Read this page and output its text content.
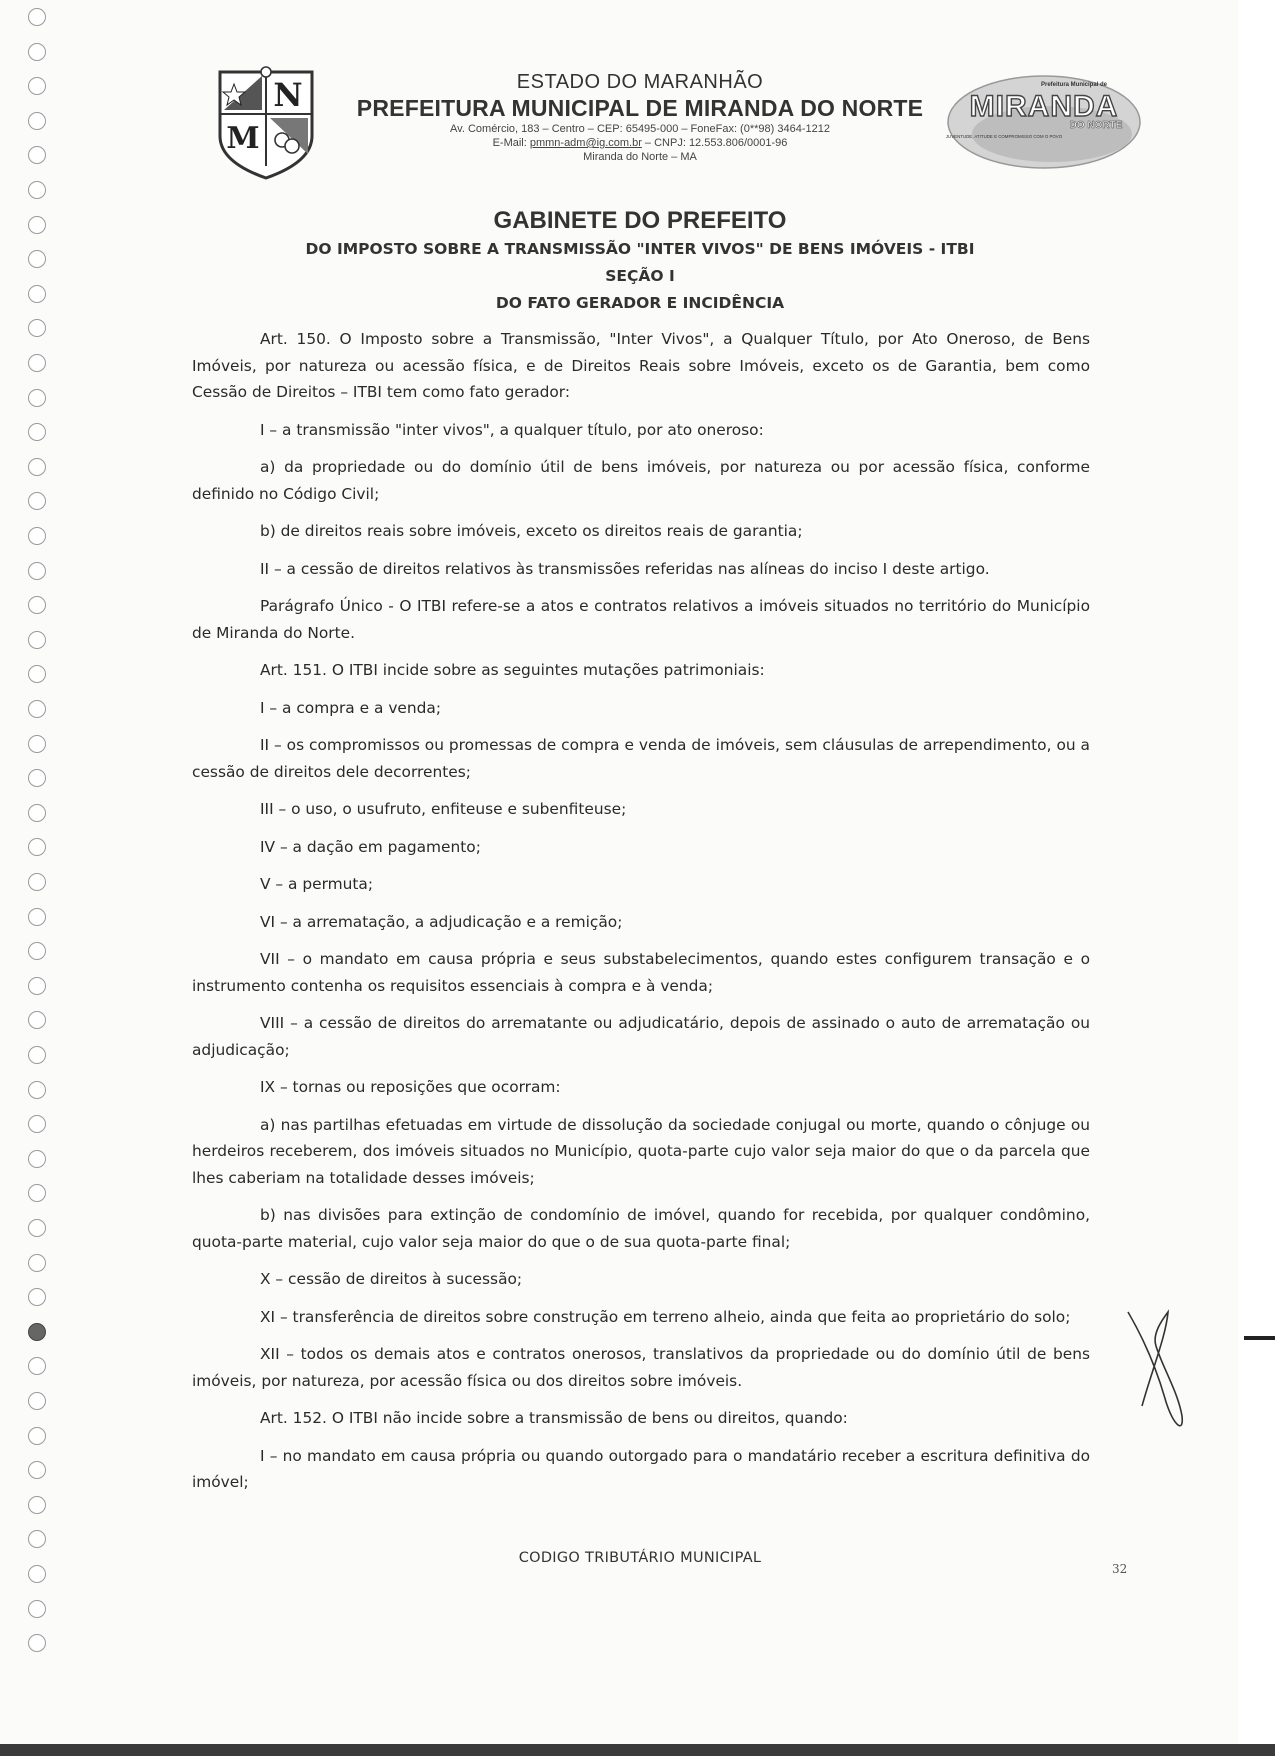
N
M
ESTADO DO MARANHÃO
PREFEITURA MUNICIPAL DE MIRANDA DO NORTE
Av. Comércio, 183 – Centro – CEP: 65495-000 – FoneFax: (0**98) 3464-1212
E-Mail: pmmn-adm@ig.com.br – CNPJ: 12.553.806/0001-96
Miranda do Norte – MA
Prefeitura Municipal de
MIRANDA
DO NORTE
JUVENTUDE, ATITUDE E COMPROMISSO COM O POVO
GABINETE DO PREFEITO
DO IMPOSTO SOBRE A TRANSMISSÃO "INTER VIVOS" DE BENS IMÓVEIS - ITBI
SEÇÃO I
DO FATO GERADOR E INCIDÊNCIA

Art. 150. O Imposto sobre a Transmissão, "Inter Vivos", a Qualquer Título, por Ato Oneroso, de Bens Imóveis, por natureza ou acessão física, e de Direitos Reais sobre Imóveis, exceto os de Garantia, bem como Cessão de Direitos – ITBI tem como fato gerador:

I – a transmissão "inter vivos", a qualquer título, por ato oneroso:

a) da propriedade ou do domínio útil de bens imóveis, por natureza ou por acessão física, conforme definido no Código Civil;

b) de direitos reais sobre imóveis, exceto os direitos reais de garantia;

II – a cessão de direitos relativos às transmissões referidas nas alíneas do inciso I deste artigo.

Parágrafo Único - O ITBI refere-se a atos e contratos relativos a imóveis situados no território do Município de Miranda do Norte.

Art. 151. O ITBI incide sobre as seguintes mutações patrimoniais:

I – a compra e a venda;

II – os compromissos ou promessas de compra e venda de imóveis, sem cláusulas de arrependimento, ou a cessão de direitos dele decorrentes;

III – o uso, o usufruto, enfiteuse e subenfiteuse;

IV – a dação em pagamento;

V – a permuta;

VI – a arrematação, a adjudicação e a remição;

VII – o mandato em causa própria e seus substabelecimentos, quando estes configurem transação e o instrumento contenha os requisitos essenciais à compra e à venda;

VIII – a cessão de direitos do arrematante ou adjudicatário, depois de assinado o auto de arrematação ou adjudicação;

IX – tornas ou reposições que ocorram:

a) nas partilhas efetuadas em virtude de dissolução da sociedade conjugal ou morte, quando o cônjuge ou herdeiros receberem, dos imóveis situados no Município, quota-parte cujo valor seja maior do que o da parcela que lhes caberiam na totalidade desses imóveis;

b) nas divisões para extinção de condomínio de imóvel, quando for recebida, por qualquer condômino, quota-parte material, cujo valor seja maior do que o de sua quota-parte final;

X – cessão de direitos à sucessão;

XI – transferência de direitos sobre construção em terreno alheio, ainda que feita ao proprietário do solo;

XII – todos os demais atos e contratos onerosos, translativos da propriedade ou do domínio útil de bens imóveis, por natureza, por acessão física ou dos direitos sobre imóveis.

Art. 152. O ITBI não incide sobre a transmissão de bens ou direitos, quando:

I – no mandato em causa própria ou quando outorgado para o mandatário receber a escritura definitiva do imóvel;

CODIGO TRIBUTÁRIO MUNICIPAL
32
